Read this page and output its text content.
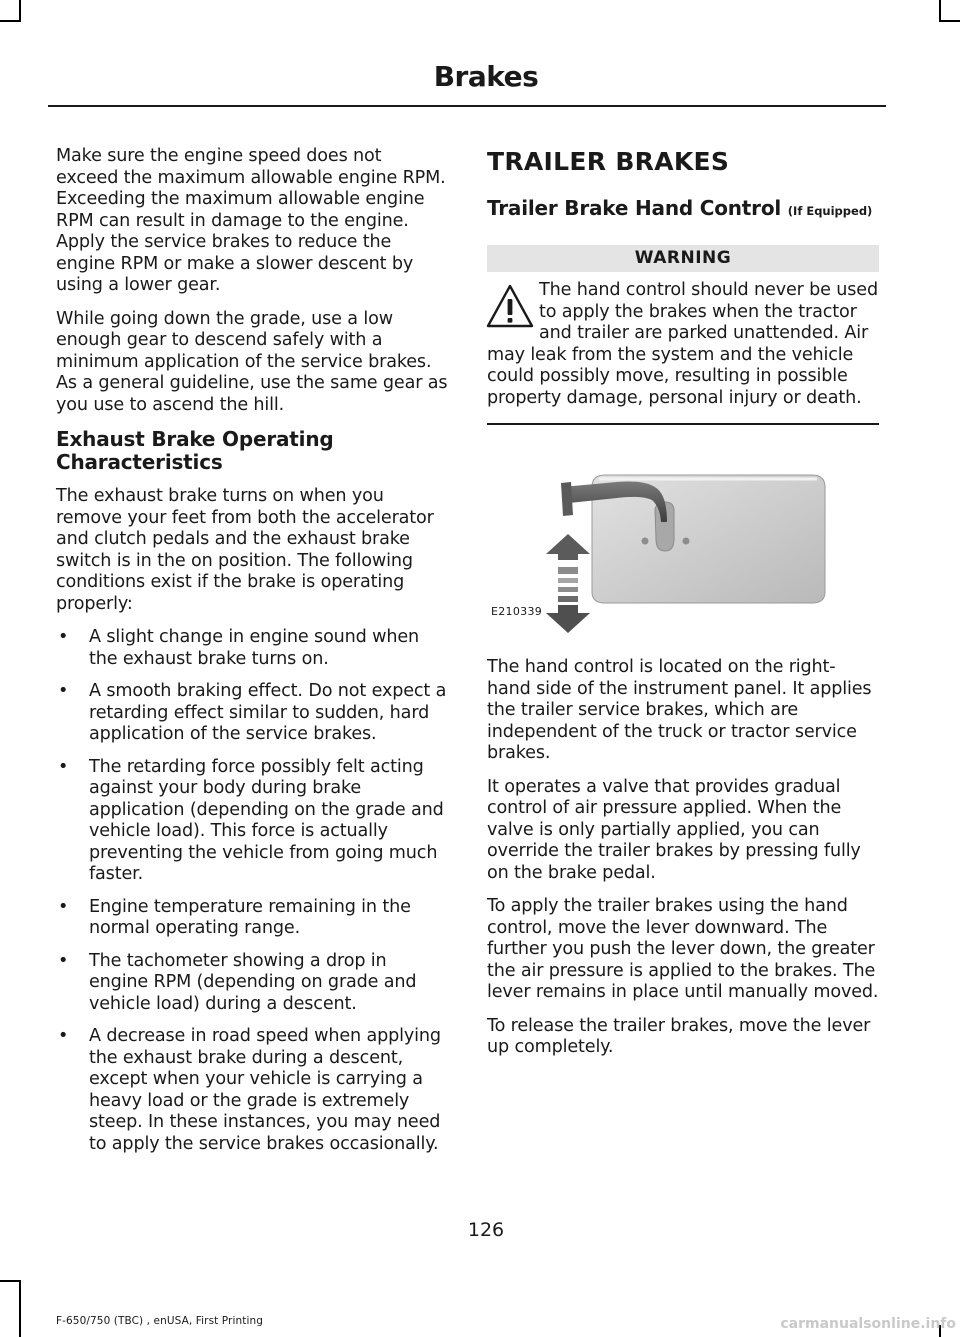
Brakes

Make sure the engine speed does not exceed the maximum allowable engine RPM. Exceeding the maximum allowable engine RPM can result in damage to the engine. Apply the service brakes to reduce the engine RPM or make a slower descent by using a lower gear.

While going down the grade, use a low enough gear to descend safely with a minimum application of the service brakes. As a general guideline, use the same gear as you use to ascend the hill.

Exhaust Brake Operating Characteristics

The exhaust brake turns on when you remove your feet from both the accelerator and clutch pedals and the exhaust brake switch is in the on position. The following conditions exist if the brake is operating properly:

• A slight change in engine sound when the exhaust brake turns on.
• A smooth braking effect. Do not expect a retarding effect similar to sudden, hard application of the service brakes.
• The retarding force possibly felt acting against your body during brake application (depending on the grade and vehicle load). This force is actually preventing the vehicle from going much faster.
• Engine temperature remaining in the normal operating range.
• The tachometer showing a drop in engine RPM (depending on grade and vehicle load) during a descent.
• A decrease in road speed when applying the exhaust brake during a descent, except when your vehicle is carrying a heavy load or the grade is extremely steep. In these instances, you may need to apply the service brakes occasionally.
TRAILER BRAKES
Trailer Brake Hand Control (If Equipped)
WARNING
The hand control should never be used to apply the brakes when the tractor and trailer are parked unattended. Air may leak from the system and the vehicle could possibly move, resulting in possible property damage, personal injury or death.
E210339

The hand control is located on the right-hand side of the instrument panel. It applies the trailer service brakes, which are independent of the truck or tractor service brakes.

It operates a valve that provides gradual control of air pressure applied. When the valve is only partially applied, you can override the trailer brakes by pressing fully on the brake pedal.

To apply the trailer brakes using the hand control, move the lever downward. The further you push the lever down, the greater the air pressure is applied to the brakes. The lever remains in place until manually moved.

To release the trailer brakes, move the lever up completely.

126
F-650/750 (TBC) , enUSA, First Printing	carmanualsonline.info
